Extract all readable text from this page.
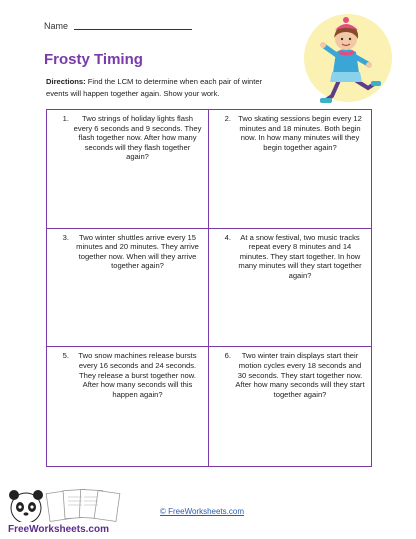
Name
Frosty Timing
Directions: Find the LCM to determine when each pair of winter events will happen together again. Show your work.
1.	Two strings of holiday lights flash every 6 seconds and 9 seconds. They flash together now. After how many seconds will they flash together again?
2. Two skating sessions begin every 12 minutes and 18 minutes. Both begin now. In how many minutes will they begin together again?
3.	Two winter shuttles arrive every 15 minutes and 20 minutes. They arrive together now. When will they arrive together again?
4.	At a snow festival, two music tracks repeat every 8 minutes and 14 minutes. They start together. In how many minutes will they start together again?
5.	Two snow machines release bursts every 16 seconds and 24 seconds. They release a burst together now. After how many seconds will this happen again?
6.	Two winter train displays start their motion cycles every 18 seconds and 30 seconds. They start together now. After how many seconds will they start together again?
FreeWorksheets.com
© FreeWorksheets.com
